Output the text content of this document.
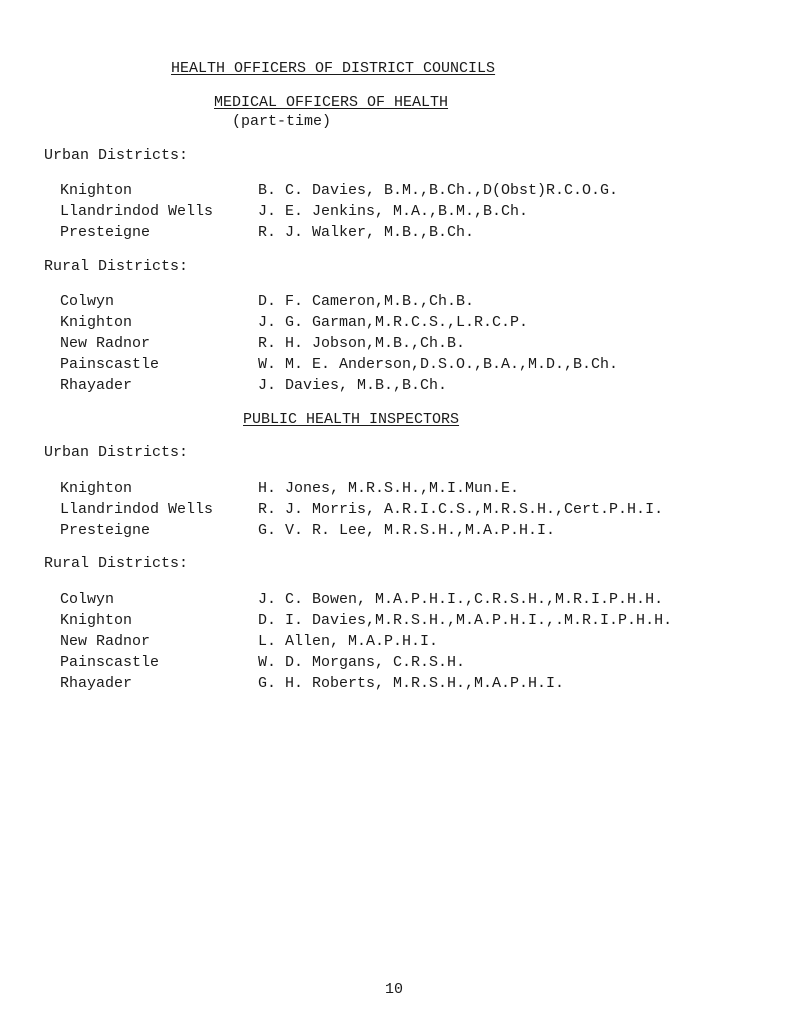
HEALTH OFFICERS OF DISTRICT COUNCILS
MEDICAL OFFICERS OF HEALTH
(part-time)
Urban Districts:
Knighton	B. C. Davies, B.M.,B.Ch.,D(Obst)R.C.O.G.
Llandrindod Wells	J. E. Jenkins, M.A.,B.M.,B.Ch.
Presteigne	R. J. Walker, M.B.,B.Ch.
Rural Districts:
Colwyn	D. F. Cameron,M.B.,Ch.B.
Knighton	J. G. Garman,M.R.C.S.,L.R.C.P.
New Radnor	R. H. Jobson,M.B.,Ch.B.
Painscastle	W. M. E. Anderson,D.S.O.,B.A.,M.D.,B.Ch.
Rhayader	J. Davies, M.B.,B.Ch.
PUBLIC HEALTH INSPECTORS
Urban Districts:
Knighton	H. Jones, M.R.S.H.,M.I.Mun.E.
Llandrindod Wells	R. J. Morris, A.R.I.C.S.,M.R.S.H.,Cert.P.H.I.
Presteigne	G. V. R. Lee, M.R.S.H.,M.A.P.H.I.
Rural Districts:
Colwyn	J. C. Bowen, M.A.P.H.I.,C.R.S.H.,M.R.I.P.H.H.
Knighton	D. I. Davies,M.R.S.H.,M.A.P.H.I.,.M.R.I.P.H.H.
New Radnor	L. Allen, M.A.P.H.I.
Painscastle	W. D. Morgans, C.R.S.H.
Rhayader	G. H. Roberts, M.R.S.H.,M.A.P.H.I.
10
